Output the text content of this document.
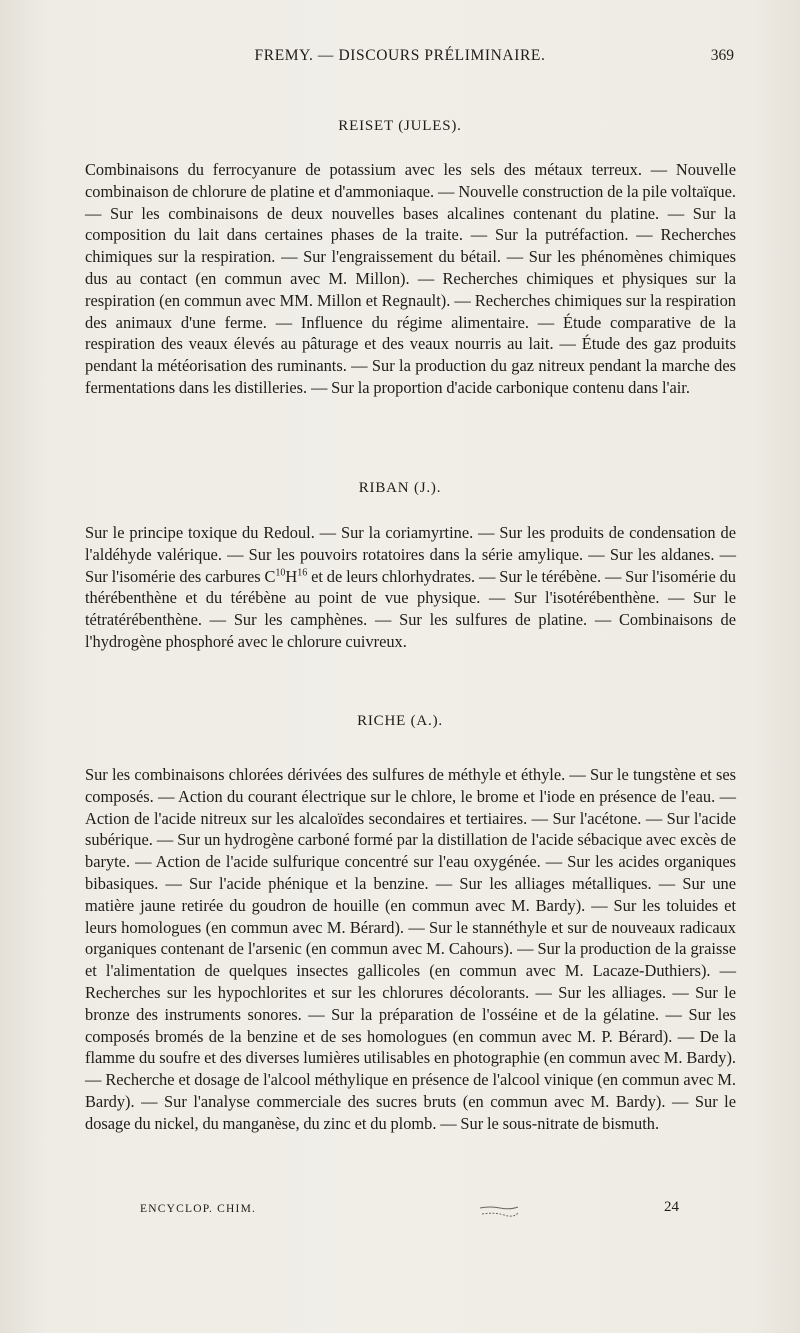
FREMY. — DISCOURS PRÉLIMINAIRE.	369
REISET (JULES).

Combinaisons du ferrocyanure de potassium avec les sels des métaux terreux. — Nouvelle combinaison de chlorure de platine et d'ammoniaque. — Nouvelle construction de la pile voltaïque. — Sur les combinaisons de deux nouvelles bases alcalines contenant du platine. — Sur la composition du lait dans certaines phases de la traite. — Sur la putréfaction. — Recherches chimiques sur la respiration. — Sur l'engraissement du bétail. — Sur les phénomènes chimiques dus au contact (en commun avec M. Millon). — Recherches chimiques et physiques sur la respiration (en commun avec MM. Millon et Regnault). — Recherches chimiques sur la respiration des animaux d'une ferme. — Influence du régime alimentaire. — Étude comparative de la respiration des veaux élevés au pâturage et des veaux nourris au lait. — Étude des gaz produits pendant la météorisation des ruminants. — Sur la production du gaz nitreux pendant la marche des fermentations dans les distilleries. — Sur la proportion d'acide carbonique contenu dans l'air.

RIBAN (J.).

Sur le principe toxique du Redoul. — Sur la coriamyrtine. — Sur les produits de condensation de l'aldéhyde valérique. — Sur les pouvoirs rotatoires dans la série amylique. — Sur les aldanes. — Sur l'isomérie des carbures $C^{10}H^{16}$ et de leurs chlorhydrates. — Sur le térébène. — Sur l'isomérie du thérébenthène et du térébène au point de vue physique. — Sur l'isotérébenthène. — Sur le tétratérébenthène. — Sur les camphènes. — Sur les sulfures de platine. — Combinaisons de l'hydrogène phosphoré avec le chlorure cuivreux.

RICHE (A.).

Sur les combinaisons chlorées dérivées des sulfures de méthyle et éthyle. — Sur le tungstène et ses composés. — Action du courant électrique sur le chlore, le brome et l'iode en présence de l'eau. — Action de l'acide nitreux sur les alcaloïdes secondaires et tertiaires. — Sur l'acétone. — Sur l'acide subérique. — Sur un hydrogène carboné formé par la distillation de l'acide sébacique avec excès de baryte. — Action de l'acide sulfurique concentré sur l'eau oxygénée. — Sur les acides organiques bibasiques. — Sur l'acide phénique et la benzine. — Sur les alliages métalliques. — Sur une matière jaune retirée du goudron de houille (en commun avec M. Bardy). — Sur les toluides et leurs homologues (en commun avec M. Bérard). — Sur le stannéthyle et sur de nouveaux radicaux organiques contenant de l'arsenic (en commun avec M. Cahours). — Sur la production de la graisse et l'alimentation de quelques insectes gallicoles (en commun avec M. Lacaze-Duthiers). — Recherches sur les hypochlorites et sur les chlorures décolorants. — Sur les alliages. — Sur le bronze des instruments sonores. — Sur la préparation de l'osséine et de la gélatine. — Sur les composés bromés de la benzine et de ses homologues (en commun avec M. P. Bérard). — De la flamme du soufre et des diverses lumières utilisables en photographie (en commun avec M. Bardy). — Recherche et dosage de l'alcool méthylique en présence de l'alcool vinique (en commun avec M. Bardy). — Sur l'analyse commerciale des sucres bruts (en commun avec M. Bardy). — Sur le dosage du nickel, du manganèse, du zinc et du plomb. — Sur le sous-nitrate de bismuth.

ENCYCLOP. CHIM.	24
